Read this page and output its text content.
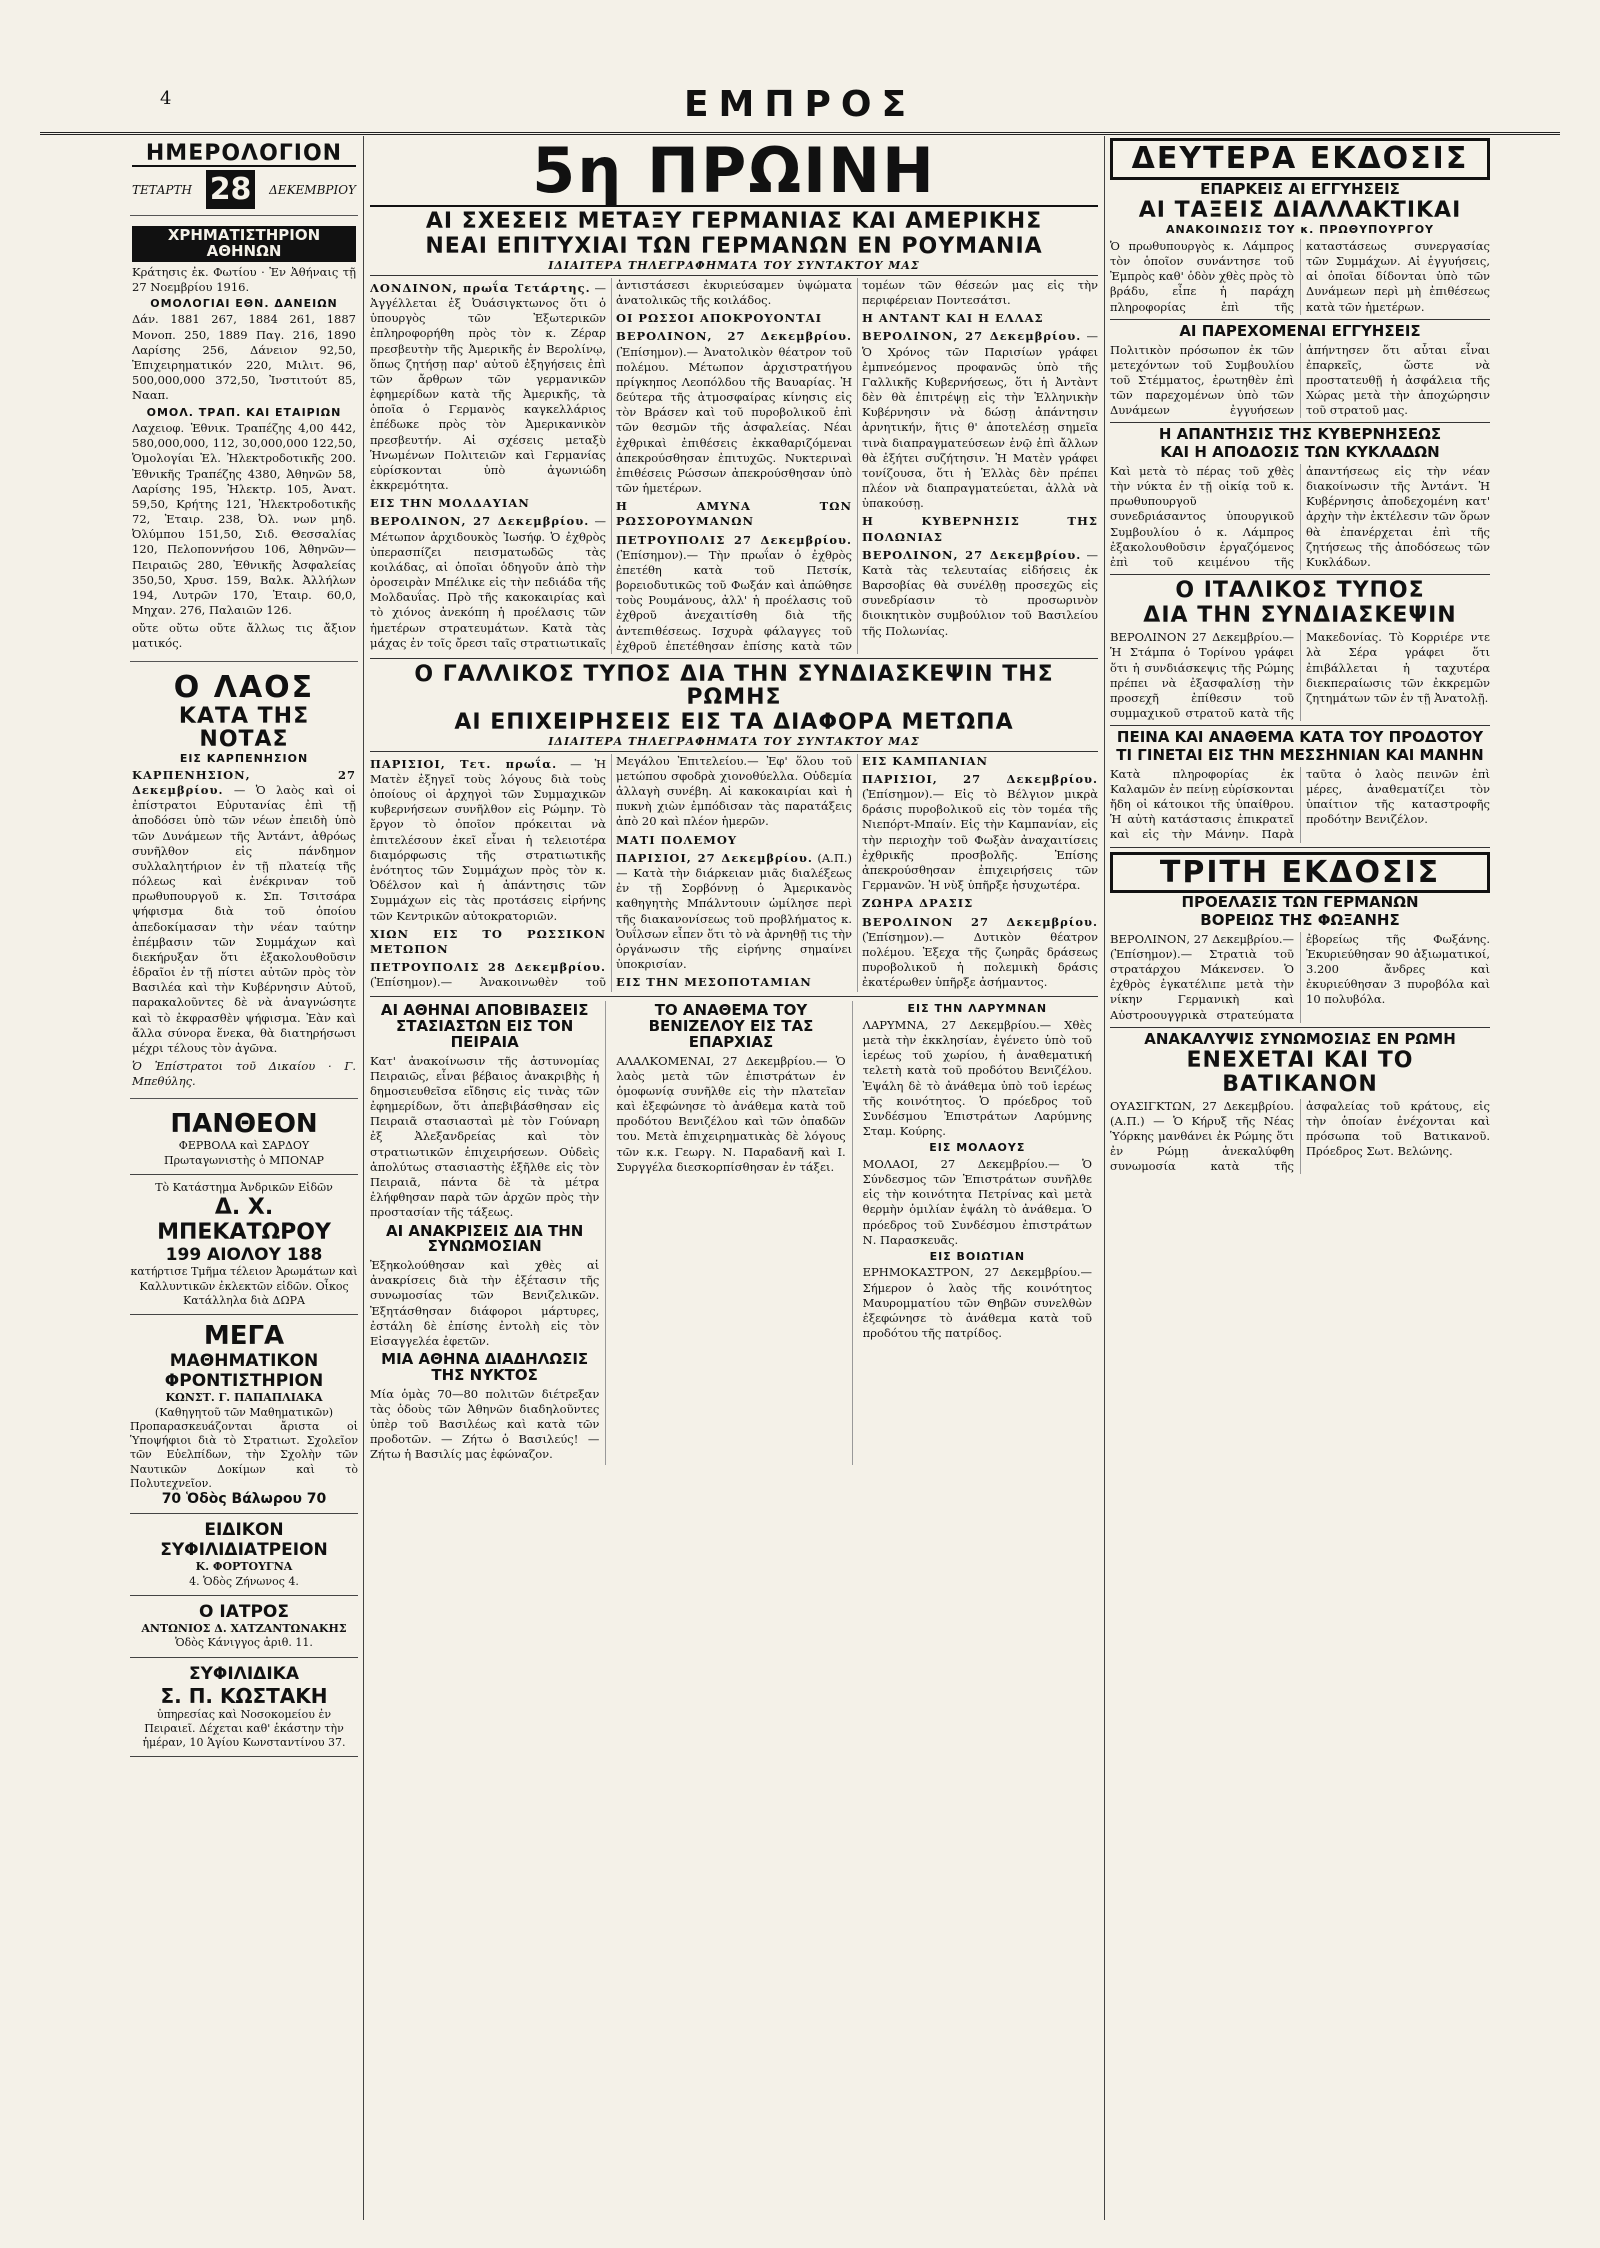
4	ΕΜΠΡΟΣ
ΗΜΕΡΟΛΟΓΙΟΝ
ΤΕΤΑΡΤΗ 28	ΔΕΚΕΜΒΡΙΟΥ
ΧΡΗΜΑΤΙΣΤΗΡΙΟΝ ΑΘΗΝΩΝ
Κράτησις ἐκ. Φωτίου · Ἐν Ἀθήναις τῇ 27 Νοεμβρίου 1916.
ΟΜΟΛΟΓΙΑΙ ΕΘΝ. ΔΑΝΕΙΩΝ
Δάν. 1881 267, 1884 261, 1887 Μονοπ. 250, 1889 Παγ. 216, 1890 Λαρίσης 256, Δάνειον 92,50, Ἐπιχειρηματικόν 220, Μιλιτ. 96, 500,000,000 372,50, Ἰνστιτούτ 85, Νααπ.
ΟΜΟΛ. ΤΡΑΠ. ΚΑΙ ΕΤΑΙΡΙΩΝ
Λαχειοφ. Ἐθνικ. Τραπέζης 4,00 442, 580,000,000, 112, 30,000,000 122,50, Ὁμολογίαι Ἑλ. Ἠλεκτροδοτικῆς 200. Ἐθνικῆς Τραπέζης 4380, Ἀθηνῶν 58, Λαρίσης 195, Ἠλεκτρ. 105, Ἀνατ. 59,50, Κρήτης 121, Ἠλεκτροδοτικῆς 72, Ἐταιρ. 238, Ὀλ. νων μηδ. Ὀλύμπου 151,50, Σιδ. Θεσσαλίας 120, Πελοποννήσου 106, Ἀθηνῶν—Πειραιῶς 280, Ἐθνικῆς Ἀσφαλείας 350,50, Χρυσ. 159, Βαλκ. Ἀλλήλων 194, Λυτρῶν 170, Ἐταιρ. 60,0, Μηχαν. 276, Παλαιῶν 126.
οὔτε οὔτω οὔτε ἄλλως τις ἄξιον ματικός.
Ο ΛΑΟΣ
ΚΑΤΑ ΤΗΣ ΝΟΤΑΣ
ΕΙΣ ΚΑΡΠΕΝΗΣΙΟΝ
ΚΑΡΠΕΝΗΣΙΟΝ, 27 Δεκεμβρίου. — Ὁ λαὸς καὶ οἱ ἐπίστρατοι Εὐρυτανίας ἐπὶ τῇ ἀποδόσει ὑπὸ τῶν νέων ἐπειδὴ ὑπὸ τῶν Δυνάμεων τῆς Ἀντάντ, ἀθρόως συνῆλθον εἰς πάνδημον συλλαλητήριον ἐν τῇ πλατείᾳ τῆς πόλεως καὶ ἐνέκριναν τοῦ πρωθυπουργοῦ κ. Σπ. Τσιτσάρα ψήφισμα διὰ τοῦ ὁποίου ἀπεδοκίμασαν τὴν νέαν ταύτην ἐπέμβασιν τῶν Συμμάχων καὶ διεκήρυξαν ὅτι ἐξακολουθοῦσιν ἑδραῖοι ἐν τῇ πίστει αὐτῶν πρὸς τὸν Βασιλέα καὶ τὴν Κυβέρνησιν Αὐτοῦ, παρακαλοῦντες δὲ νὰ ἀναγνώσητε καὶ τὸ ἐκφρασθὲν ψήφισμα. Ἐὰν καὶ ἄλλα σύνορα ἕνεκα, θὰ διατηρήσωσι μέχρι τέλους τὸν ἀγῶνα.
Ὁ Ἐπίστρατοι τοῦ Δικαίου · Γ. Μπεθύλης.
ΠΑΝΘΕΟΝ
ΦΕΡΒΟΛΑ καὶ ΣΑΡΔΟΥ
Πρωταγωνιστὴς ὁ ΜΠΟΝΑΡ
Τὸ Κατάστημα Ἀνδρικῶν Εἰδῶν
Δ. Χ. ΜΠΕΚΑΤΩΡΟΥ
199 ΑΙΟΛΟΥ 188
κατήρτισε Τμῆμα τέλειον Ἀρωμάτων καὶ Καλλυντικῶν ἐκλεκτῶν εἰδῶν. Οἶκος Κατάλληλα διὰ ΔΩΡΑ
ΜΕΓΑ
ΜΑΘΗΜΑΤΙΚΟΝ ΦΡΟΝΤΙΣΤΗΡΙΟΝ
ΚΩΝΣΤ. Γ. ΠΑΠΑΠΛΙΑΚΑ
(Καθηγητοῦ τῶν Μαθηματικῶν)
Προπαρασκευάζονται ἄριστα οἱ Ὑποψήφιοι διὰ τὸ Στρατιωτ. Σχολεῖον τῶν Εὐελπίδων, τὴν Σχολὴν τῶν Ναυτικῶν Δοκίμων καὶ τὸ Πολυτεχνεῖον.
70 Ὁδὸς Βάλωρου 70
ΕΙΔΙΚΟΝ ΣΥΦΙΛΙΔΙΑΤΡΕΙΟΝ
Κ. ΦΟΡΤΟΥΓΝΑ
4. Ὁδὸς Ζήνωνος 4.
Ο ΙΑΤΡΟΣ
ΑΝΤΩΝΙΟΣ Δ. ΧΑΤΖΑΝΤΩΝΑΚΗΣ
Ὁδὸς Κάνιγγος ἀριθ. 11.
ΣΥΦΙΛΙΔΙΚΑ
Σ. Π. ΚΩΣΤΑΚΗ
ὑπηρεσίας καὶ Νοσοκομείου ἐν Πειραιεῖ. Δέχεται καθ' ἑκάστην τὴν ἡμέραν, 10 Ἁγίου Κωνσταντίνου 37.
5η ΠΡΩΙΝΗ
ΑΙ ΣΧΕΣΕΙΣ ΜΕΤΑΞΥ ΓΕΡΜΑΝΙΑΣ ΚΑΙ ΑΜΕΡΙΚΗΣ
ΝΕΑΙ ΕΠΙΤΥΧΙΑΙ ΤΩΝ ΓΕΡΜΑΝΩΝ ΕΝ ΡΟΥΜΑΝΙΑ
ΙΔΙΑΙΤΕΡΑ ΤΗΛΕΓΡΑΦΗΜΑΤΑ ΤΟΥ ΣΥΝΤΑΚΤΟΥ ΜΑΣ
ΛΟΝΔΙΝΟΝ, πρωΐα Τετάρτης. — Ἀγγέλλεται ἐξ Ὀυάσιγκτωνος ὅτι ὁ ὑπουργὸς τῶν Ἐξωτερικῶν ἐπληροφορήθη πρὸς τὸν κ. Ζέραρ πρεσβευτὴν τῆς Ἀμερικῆς ἐν Βερολίνῳ, ὅπως ζητήσῃ παρ' αὐτοῦ ἐξηγήσεις ἐπὶ τῶν ἄρθρων τῶν γερμανικῶν ἐφημερίδων κατὰ τῆς Ἀμερικῆς, τὰ ὁποῖα ὁ Γερμανὸς καγκελλάριος ἐπέδωκε πρὸς τὸν Ἀμερικανικὸν πρεσβευτήν. Αἱ σχέσεις μεταξὺ Ἡνωμένων Πολιτειῶν καὶ Γερμανίας εὑρίσκονται ὑπὸ ἀγωνιώδη ἐκκρεμότητα.
ΕΙΣ ΤΗΝ ΜΟΛΔΑΥΙΑΝ
ΒΕΡΟΛΙΝΟΝ, 27 Δεκεμβρίου. — Μέτωπον ἀρχιδουκὸς Ἰωσήφ. Ὁ ἐχθρὸς ὑπερασπίζει πεισματωδῶς τὰς κοιλάδας, αἱ ὁποῖαι ὁδηγοῦν ἀπὸ τὴν ὀροσειρὰν Μπέλικε εἰς τὴν πεδιάδα τῆς Μολδαυΐας. Πρὸ τῆς κακοκαιρίας καὶ τὸ χιόνος ἀνεκόπη ἡ προέλασις τῶν ἡμετέρων στρατευμάτων. Κατὰ τὰς μάχας ἐν τοῖς ὄρεσι ταῖς στρατιωτικαῖς ἀντιστάσεσι ἐκυριεύσαμεν ὑψώματα ἀνατολικῶς τῆς κοιλάδος.
ΟΙ ΡΩΣΣΟΙ ΑΠΟΚΡΟΥΟΝΤΑΙ
ΒΕΡΟΛΙΝΟΝ, 27 Δεκεμβρίου. (Ἐπίσημον).— Ἀνατολικὸν θέατρον τοῦ πολέμου. Μέτωπον ἀρχιστρατήγου πρίγκηπος Λεοπόλδου τῆς Βαυαρίας. Ἡ δεύτερα τῆς ἀτμοσφαίρας κίνησις εἰς τὸν Βράσεν καὶ τοῦ πυροβολικοῦ ἐπὶ τῶν θεσμῶν τῆς ἀσφαλείας. Νέαι ἐχθρικαὶ ἐπιθέσεις ἐκκαθαριζόμεναι ἀπεκρούσθησαν ἐπιτυχῶς. Νυκτεριναὶ ἐπιθέσεις Ρώσσων ἀπεκρούσθησαν ὑπὸ τῶν ἡμετέρων.
Η ΑΜΥΝΑ ΤΩΝ ΡΩΣΣΟΡΟΥΜΑΝΩΝ
ΠΕΤΡΟΥΠΟΛΙΣ 27 Δεκεμβρίου. (Ἐπίσημον).— Τὴν πρωΐαν ὁ ἐχθρὸς ἐπετέθη κατὰ τοῦ Πετσίκ, βορειοδυτικῶς τοῦ Φωξάν καὶ ἀπώθησε τοὺς Ρουμάνους, ἀλλ' ἡ προέλασις τοῦ ἐχθροῦ ἀνεχαιτίσθη διὰ τῆς ἀντεπιθέσεως. Ισχυρὰ φάλαγγες τοῦ ἐχθροῦ ἐπετέθησαν ἐπίσης κατὰ τῶν τομέων τῶν θέσεών μας εἰς τὴν περιφέρειαν Ποντεσάτσι.
Η ΑΝΤΑΝΤ ΚΑΙ Η ΕΛΛΑΣ
ΒΕΡΟΛΙΝΟΝ, 27 Δεκεμβρίου. — Ὁ Χρόνος τῶν Παρισίων γράφει ἐμπνεόμενος προφανῶς ὑπὸ τῆς Γαλλικῆς Κυβερνήσεως, ὅτι ἡ Ἀντὰντ δὲν θὰ ἐπιτρέψῃ εἰς τὴν Ἑλληνικὴν Κυβέρνησιν νὰ δώσῃ ἀπάντησιν ἀρνητικήν, ἥτις θ' ἀποτελέσῃ σημεῖα τινὰ διαπραγματεύσεων ἐνῷ ἐπὶ ἄλλων θὰ ἐξήτει συζήτησιν. Ἡ Ματὲν γράφει τονίζουσα, ὅτι ἡ Ἑλλὰς δὲν πρέπει πλέον νὰ διαπραγματεύεται, ἀλλὰ νὰ ὑπακούσῃ.
Η ΚΥΒΕΡΝΗΣΙΣ ΤΗΣ ΠΟΛΩΝΙΑΣ
ΒΕΡΟΛΙΝΟΝ, 27 Δεκεμβρίου. — Κατὰ τὰς τελευταίας εἰδήσεις ἐκ Βαρσοβίας θὰ συνέλθῃ προσεχῶς εἰς συνεδρίασιν τὸ προσωρινὸν διοικητικὸν συμβούλιον τοῦ Βασιλείου τῆς Πολωνίας.
Ο ΓΑΛΛΙΚΟΣ ΤΥΠΟΣ ΔΙΑ ΤΗΝ ΣΥΝΔΙΑΣΚΕΨΙΝ ΤΗΣ ΡΩΜΗΣ
ΑΙ ΕΠΙΧΕΙΡΗΣΕΙΣ ΕΙΣ ΤΑ ΔΙΑΦΟΡΑ ΜΕΤΩΠΑ
ΙΔΙΑΙΤΕΡΑ ΤΗΛΕΓΡΑΦΗΜΑΤΑ ΤΟΥ ΣΥΝΤΑΚΤΟΥ ΜΑΣ
ΠΑΡΙΣΙΟΙ, Τετ. πρωΐα. — Ἡ Ματὲν ἐξηγεῖ τοὺς λόγους διὰ τοὺς ὁποίους οἱ ἀρχηγοὶ τῶν Συμμαχικῶν κυβερνήσεων συνῆλθον εἰς Ρώμην. Τὸ ἔργον τὸ ὁποῖον πρόκειται νὰ ἐπιτελέσουν ἐκεῖ εἶναι ἡ τελειοτέρα διαμόρφωσις τῆς στρατιωτικῆς ἑνότητος τῶν Συμμάχων πρὸς τὸν κ. Ὀδέλσον καὶ ἡ ἀπάντησις τῶν Συμμάχων εἰς τὰς προτάσεις εἰρήνης τῶν Κεντρικῶν αὐτοκρατοριῶν.
ΧΙΩΝ ΕΙΣ ΤΟ ΡΩΣΣΙΚΟΝ ΜΕΤΩΠΟΝ
ΠΕΤΡΟΥΠΟΛΙΣ 28 Δεκεμβρίου. (Ἐπίσημον).— Ἀνακοινωθὲν τοῦ Μεγάλου Ἐπιτελείου.— Ἐφ' ὅλου τοῦ μετώπου σφοδρὰ χιονοθύελλα. Οὐδεμία ἀλλαγὴ συνέβη. Αἱ κακοκαιρίαι καὶ ἡ πυκνὴ χιὼν ἐμπόδισαν τὰς παρατάξεις ἀπὸ 20 καὶ πλέον ἡμερῶν.
ΜΑΤΙ ΠΟΛΕΜΟΥ
ΠΑΡΙΣΙΟΙ, 27 Δεκεμβρίου. (Α.Π.) — Κατὰ τὴν διάρκειαν μιᾶς διαλέξεως ἐν τῇ Σορβόννῃ ὁ Ἀμερικανὸς καθηγητὴς Μπάλντουιν ὡμίλησε περὶ τῆς διακανονίσεως τοῦ προβλήματος κ. Ὀυΐλσων εἶπεν ὅτι τὸ νὰ ἀρνηθῇ τις τὴν ὀργάνωσιν τῆς εἰρήνης σημαίνει ὑποκρισίαν.
ΕΙΣ ΤΗΝ ΜΕΣΟΠΟΤΑΜΙΑΝ
ΕΙΣ ΚΑΜΠΑΝΙΑΝ
ΠΑΡΙΣΙΟΙ, 27 Δεκεμβρίου. (Ἐπίσημον).— Εἰς τὸ Βέλγιον μικρὰ δράσις πυροβολικοῦ εἰς τὸν τομέα τῆς Νιεπόρτ-Μπαίν. Εἰς τὴν Καμπανίαν, εἰς τὴν περιοχὴν τοῦ Φωξὰν ἀναχαιτίσεις ἐχθρικῆς προσβολῆς. Ἐπίσης ἀπεκρούσθησαν ἐπιχειρήσεις τῶν Γερμανῶν. Ἡ νὺξ ὑπῆρξε ἡσυχωτέρα.
ΖΩΗΡΑ ΔΡΑΣΙΣ
ΒΕΡΟΛΙΝΟΝ 27 Δεκεμβρίου. (Ἐπίσημον).— Δυτικὸν θέατρον πολέμου. Ἐξεχα τῆς ζωηρᾶς δράσεως πυροβολικοῦ ἡ πολεμικὴ δράσις ἐκατέρωθεν ὑπῆρξε ἀσήμαντος.
ΑΙ ΑΘΗΝΑΙ ΑΠΟΒΙΒΑΣΕΙΣ ΣΤΑΣΙΑΣΤΩΝ ΕΙΣ ΤΟΝ ΠΕΙΡΑΙΑ
Κατ' ἀνακοίνωσιν τῆς ἀστυνομίας Πειραιῶς, εἶναι βέβαιος ἀνακριβὴς ἡ δημοσιευθεῖσα εἴδησις εἰς τινὰς τῶν ἐφημερίδων, ὅτι ἀπεβιβάσθησαν εἰς Πειραιᾶ στασιασταὶ μὲ τὸν Γούναρη ἐξ Ἀλεξανδρείας καὶ τὸν στρατιωτικῶν ἐπιχειρήσεων. Οὐδεὶς ἀπολύτως στασιαστὴς ἐξῆλθε εἰς τὸν Πειραιᾶ, πάντα δὲ τὰ μέτρα ἐλήφθησαν παρὰ τῶν ἀρχῶν πρὸς τὴν προστασίαν τῆς τάξεως.
ΑΙ ΑΝΑΚΡΙΣΕΙΣ ΔΙΑ ΤΗΝ ΣΥΝΩΜΟΣΙΑΝ
Ἐξηκολούθησαν καὶ χθὲς αἱ ἀνακρίσεις διὰ τὴν ἐξέτασιν τῆς συνωμοσίας τῶν Βενιζελικῶν. Ἐξητάσθησαν διάφοροι μάρτυρες, ἐστάλη δὲ ἐπίσης ἐντολὴ εἰς τὸν Εἰσαγγελέα ἐφετῶν.
ΜΙΑ ΑΘΗΝΑ ΔΙΑΔΗΛΩΣΙΣ ΤΗΣ ΝΥΚΤΟΣ
Μία ὁμὰς 70—80 πολιτῶν διέτρεξαν τὰς ὁδοὺς τῶν Ἀθηνῶν διαδηλοῦντες ὑπὲρ τοῦ Βασιλέως καὶ κατὰ τῶν προδοτῶν. — Ζήτω ὁ Βασιλεύς! — Ζήτω ἡ Βασιλίς μας ἐφώναζον.
ΤΟ ΑΝΑΘΕΜΑ ΤΟΥ ΒΕΝΙΖΕΛΟΥ ΕΙΣ ΤΑΣ ΕΠΑΡΧΙΑΣ
ΑΛΑΛΚΟΜΕΝΑΙ, 27 Δεκεμβρίου.— Ὁ λαὸς μετὰ τῶν ἐπιστράτων ἐν ὁμοφωνίᾳ συνῆλθε εἰς τὴν πλατεῖαν καὶ ἐξεφώνησε τὸ ἀνάθεμα κατὰ τοῦ προδότου Βενιζέλου καὶ τῶν ὀπαδῶν του. Μετὰ ἐπιχειρηματικὰς δὲ λόγους τῶν κ.κ. Γεωργ. Ν. Παραδανῆ καὶ Ι. Συργγέλα διεσκορπίσθησαν ἐν τάξει.
ΕΙΣ ΤΗΝ ΛΑΡΥΜΝΑΝ
ΛΑΡΥΜΝΑ, 27 Δεκεμβρίου.— Χθὲς μετὰ τὴν ἐκκλησίαν, ἐγένετο ὑπὸ τοῦ ἱερέως τοῦ χωρίου, ἡ ἀναθεματική τελετὴ κατὰ τοῦ προδότου Βενιζέλου. Ἐψάλη δὲ τὸ ἀνάθεμα ὑπὸ τοῦ ἱερέως τῆς κοινότητος. Ὁ πρόεδρος τοῦ Συνδέσμου Ἐπιστράτων Λαρύμνης Σταμ. Κούρης.
ΕΙΣ ΜΟΛΑΟΥΣ
ΜΟΛΑΟΙ, 27 Δεκεμβρίου.— Ὁ Σύνδεσμος τῶν Ἐπιστράτων συνῆλθε εἰς τὴν κοινότητα Πετρίνας καὶ μετὰ θερμὴν ὁμιλίαν ἐψάλη τὸ ἀνάθεμα. Ὁ πρόεδρος τοῦ Συνδέσμου ἐπιστράτων Ν. Παρασκευᾶς.
ΕΙΣ ΒΟΙΩΤΙΑΝ
ΕΡΗΜΟΚΑΣΤΡΟΝ, 27 Δεκεμβρίου.— Σήμερον ὁ λαὸς τῆς κοινότητος Μαυρομματίου τῶν Θηβῶν συνελθὼν ἐξεφώνησε τὸ ἀνάθεμα κατὰ τοῦ προδότου τῆς πατρίδος.
ΔΕΥΤΕΡΑ ΕΚΔΟΣΙΣ
ΕΠΑΡΚΕΙΣ ΑΙ ΕΓΓΥΗΣΕΙΣ
ΑΙ ΤΑΞΕΙΣ ΔΙΑΛΛΑΚΤΙΚΑΙ
ΑΝΑΚΟΙΝΩΣΙΣ ΤΟΥ κ. ΠΡΩΘΥΠΟΥΡΓΟΥ
Ὁ πρωθυπουργὸς κ. Λάμπρος τὸν ὁποῖον συνάντησε τοῦ Ἐμπρὸς καθ' ὁδὸν χθὲς πρὸς τὸ βράδυ, εἶπε ἡ παράχη πληροφορίας ἐπὶ τῆς καταστάσεως συνεργασίας τῶν Συμμάχων. Αἱ ἐγγυήσεις, αἱ ὁποῖαι δίδονται ὑπὸ τῶν Δυνάμεων περὶ μὴ ἐπιθέσεως κατὰ τῶν ἡμετέρων.
ΑΙ ΠΑΡΕΧΟΜΕΝΑΙ ΕΓΓΥΗΣΕΙΣ
Πολιτικὸν πρόσωπον ἐκ τῶν μετεχόντων τοῦ Συμβουλίου τοῦ Στέμματος, ἐρωτηθὲν ἐπὶ τῶν παρεχομένων ὑπὸ τῶν Δυνάμεων ἐγγυήσεων ἀπήντησεν ὅτι αὗται εἶναι ἐπαρκεῖς, ὥστε νὰ προστατευθῇ ἡ ἀσφάλεια τῆς Χώρας μετὰ τὴν ἀποχώρησιν τοῦ στρατοῦ μας.
Η ΑΠΑΝΤΗΣΙΣ ΤΗΣ ΚΥΒΕΡΝΗΣΕΩΣ
ΚΑΙ Η ΑΠΟΔΟΣΙΣ ΤΩΝ ΚΥΚΛΑΔΩΝ
Καὶ μετὰ τὸ πέρας τοῦ χθὲς τὴν νύκτα ἐν τῇ οἰκίᾳ τοῦ κ. πρωθυπουργοῦ συνεδριάσαντος ὑπουργικοῦ Συμβουλίου ὁ κ. Λάμπρος ἐξακολουθοῦσιν ἐργαζόμενος ἐπὶ τοῦ κειμένου τῆς ἀπαντήσεως εἰς τὴν νέαν διακοίνωσιν τῆς Ἀντάντ. Ἡ Κυβέρνησις ἀποδεχομένη κατ' ἀρχὴν τὴν ἐκτέλεσιν τῶν ὅρων θὰ ἐπανέρχεται ἐπὶ τῆς ζητήσεως τῆς ἀποδόσεως τῶν Κυκλάδων.
Ο ΙΤΑΛΙΚΟΣ ΤΥΠΟΣ
ΔΙΑ ΤΗΝ ΣΥΝΔΙΑΣΚΕΨΙΝ
ΒΕΡΟΛΙΝΟΝ 27 Δεκεμβρίου.— Ἡ Στάμπα ὁ Τορίνου γράφει ὅτι ἡ συνδιάσκεψις τῆς Ρώμης πρέπει νὰ ἐξασφαλίσῃ τὴν προσεχῆ ἐπίθεσιν τοῦ συμμαχικοῦ στρατοῦ κατὰ τῆς Μακεδονίας. Τὸ Κορριέρε ντε λὰ Σέρα γράφει ὅτι ἐπιβάλλεται ἡ ταχυτέρα διεκπεραίωσις τῶν ἐκκρεμῶν ζητημάτων τῶν ἐν τῇ Ἀνατολῇ.
ΠΕΙΝΑ ΚΑΙ ΑΝΑΘΕΜΑ ΚΑΤΑ ΤΟΥ ΠΡΟΔΟΤΟΥ
ΤΙ ΓΙΝΕΤΑΙ ΕΙΣ ΤΗΝ ΜΕΣΣΗΝΙΑΝ ΚΑΙ ΜΑΝΗΝ
Κατὰ πληροφορίας ἐκ Καλαμῶν ἐν πείνῃ εὑρίσκονται ἤδη οἱ κάτοικοι τῆς ὑπαίθρου. Ἡ αὐτὴ κατάστασις ἐπικρατεῖ καὶ εἰς τὴν Μάνην. Παρὰ ταῦτα ὁ λαὸς πεινῶν ἐπὶ μέρες, ἀναθεματίζει τὸν ὑπαίτιον τῆς καταστροφῆς προδότην Βενιζέλον.
ΤΡΙΤΗ ΕΚΔΟΣΙΣ
ΠΡΟΕΛΑΣΙΣ ΤΩΝ ΓΕΡΜΑΝΩΝ
ΒΟΡΕΙΩΣ ΤΗΣ ΦΩΞΑΝΗΣ
ΒΕΡΟΛΙΝΟΝ, 27 Δεκεμβρίου.— (Ἐπίσημον).— Στρατιὰ τοῦ στρατάρχου Μάκενσεν. Ὁ ἐχθρὸς ἐγκατέλιπε μετὰ τὴν νίκην Γερμανικὴ καὶ Αὐστροουγγρικὰ στρατεύματα ἐβορείως τῆς Φωξάνης. Ἐκυριεύθησαν 90 ἀξιωματικοί, 3.200 ἄνδρες καὶ ἐκυριεύθησαν 3 πυροβόλα καὶ 10 πολυβόλα.
ΑΝΑΚΑΛΥΨΙΣ ΣΥΝΩΜΟΣΙΑΣ ΕΝ ΡΩΜΗ
ΕΝΕΧΕΤΑΙ ΚΑΙ ΤΟ ΒΑΤΙΚΑΝΟΝ
ΟΥΑΣΙΓΚΤΩΝ, 27 Δεκεμβρίου. (Α.Π.) — Ὁ Κήρυξ τῆς Νέας Ὑόρκης μανθάνει ἐκ Ρώμης ὅτι ἐν Ρώμῃ ἀνεκαλύφθη συνωμοσία κατὰ τῆς ἀσφαλείας τοῦ κράτους, εἰς τὴν ὁποίαν ἐνέχονται καὶ πρόσωπα τοῦ Βατικανοῦ. Πρόεδρος Σωτ. Βελώνης.
